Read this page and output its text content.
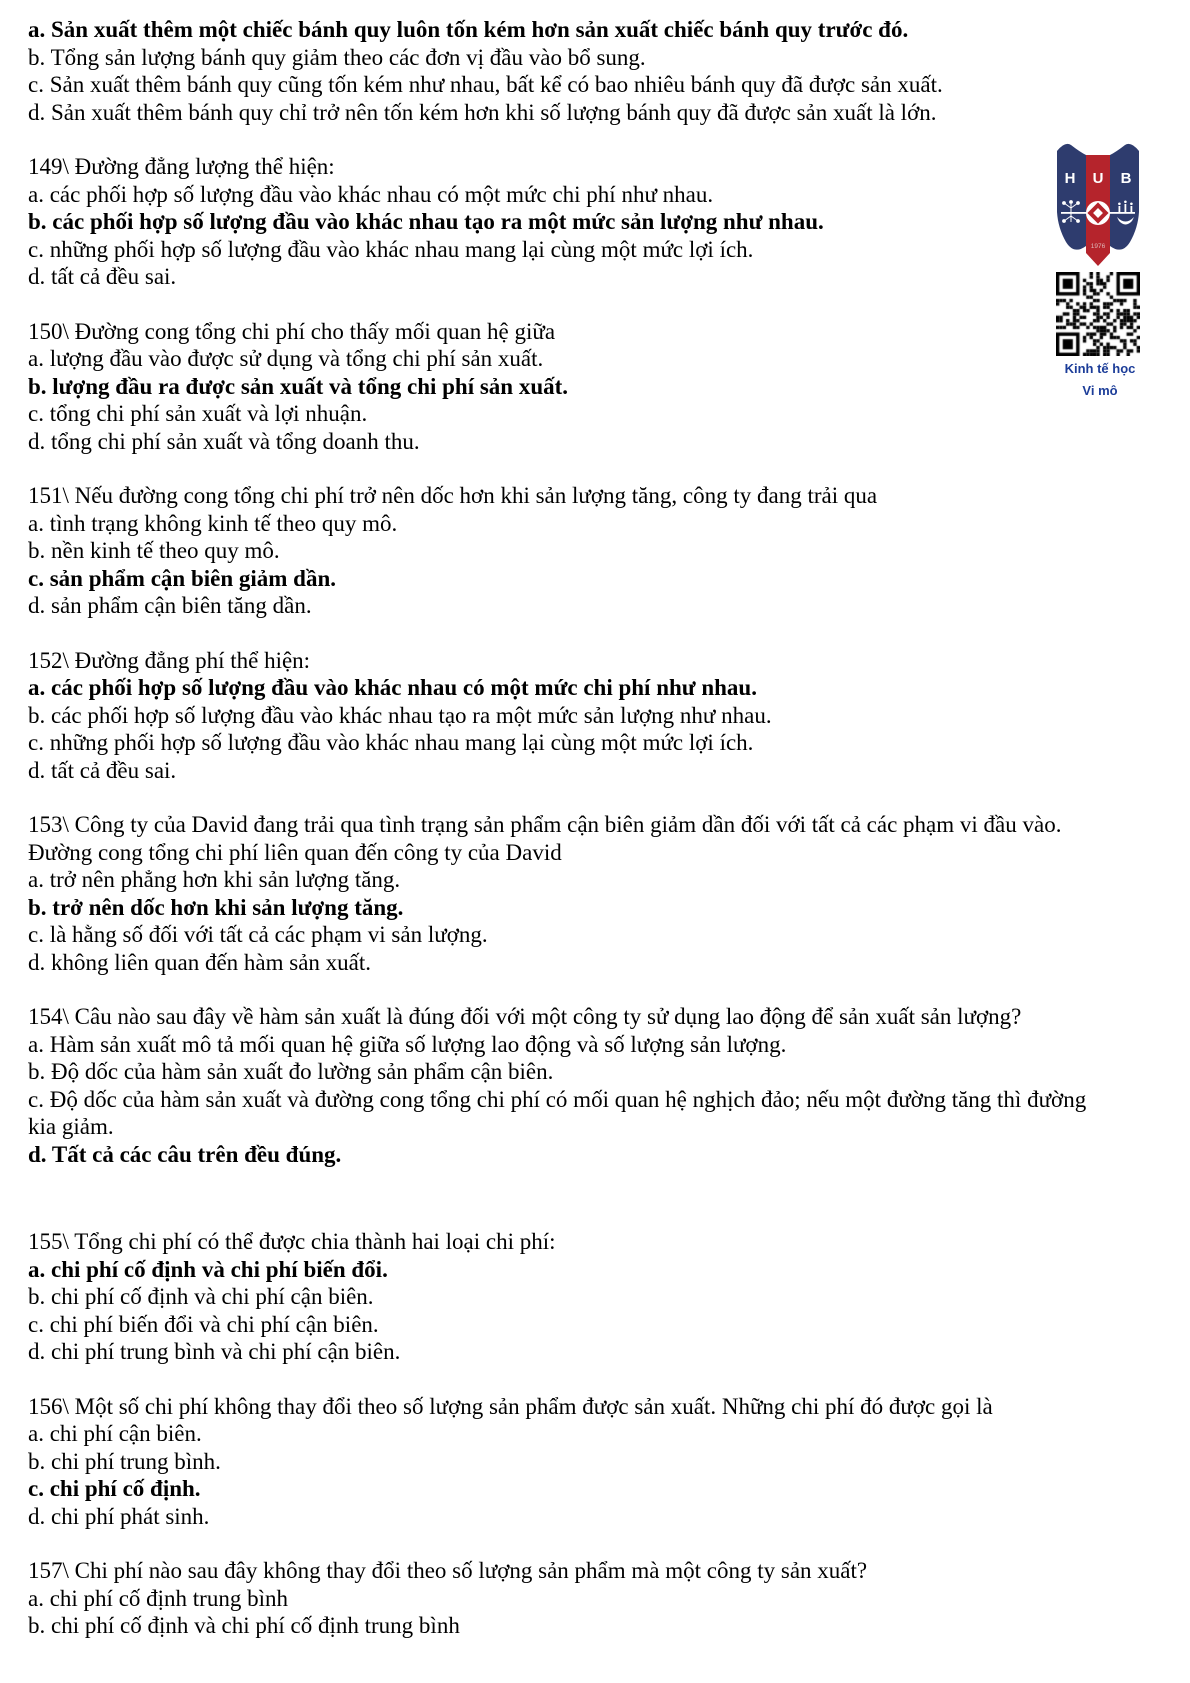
a. Sản xuất thêm một chiếc bánh quy luôn tốn kém hơn sản xuất chiếc bánh quy trước đó.
b. Tổng sản lượng bánh quy giảm theo các đơn vị đầu vào bổ sung.
c. Sản xuất thêm bánh quy cũng tốn kém như nhau, bất kể có bao nhiêu bánh quy đã được sản xuất.
d. Sản xuất thêm bánh quy chỉ trở nên tốn kém hơn khi số lượng bánh quy đã được sản xuất là lớn.
149\ Đường đẳng lượng thể hiện:
a. các phối hợp số lượng đầu vào khác nhau có một mức chi phí như nhau.
b. các phối hợp số lượng đầu vào khác nhau tạo ra một mức sản lượng như nhau.
c. những phối hợp số lượng đầu vào khác nhau mang lại cùng một mức lợi ích.
d. tất cả đều sai.
150\ Đường cong tổng chi phí cho thấy mối quan hệ giữa
a. lượng đầu vào được sử dụng và tổng chi phí sản xuất.
b. lượng đầu ra được sản xuất và tổng chi phí sản xuất.
c. tổng chi phí sản xuất và lợi nhuận.
d. tổng chi phí sản xuất và tổng doanh thu.
151\ Nếu đường cong tổng chi phí trở nên dốc hơn khi sản lượng tăng, công ty đang trải qua
a. tình trạng không kinh tế theo quy mô.
b. nền kinh tế theo quy mô.
c. sản phẩm cận biên giảm dần.
d. sản phẩm cận biên tăng dần.
152\ Đường đẳng phí thể hiện:
a. các phối hợp số lượng đầu vào khác nhau có một mức chi phí như nhau.
b. các phối hợp số lượng đầu vào khác nhau tạo ra một mức sản lượng như nhau.
c. những phối hợp số lượng đầu vào khác nhau mang lại cùng một mức lợi ích.
d. tất cả đều sai.
153\ Công ty của David đang trải qua tình trạng sản phẩm cận biên giảm dần đối với tất cả các phạm vi đầu vào.
Đường cong tổng chi phí liên quan đến công ty của David
a. trở nên phẳng hơn khi sản lượng tăng.
b. trở nên dốc hơn khi sản lượng tăng.
c. là hằng số đối với tất cả các phạm vi sản lượng.
d. không liên quan đến hàm sản xuất.
154\ Câu nào sau đây về hàm sản xuất là đúng đối với một công ty sử dụng lao động để sản xuất sản lượng?
a. Hàm sản xuất mô tả mối quan hệ giữa số lượng lao động và số lượng sản lượng.
b. Độ dốc của hàm sản xuất đo lường sản phẩm cận biên.
c. Độ dốc của hàm sản xuất và đường cong tổng chi phí có mối quan hệ nghịch đảo; nếu một đường tăng thì đường
kia giảm.
d. Tất cả các câu trên đều đúng.
155\ Tổng chi phí có thể được chia thành hai loại chi phí:
a. chi phí cố định và chi phí biến đổi.
b. chi phí cố định và chi phí cận biên.
c. chi phí biến đổi và chi phí cận biên.
d. chi phí trung bình và chi phí cận biên.
156\ Một số chi phí không thay đổi theo số lượng sản phẩm được sản xuất. Những chi phí đó được gọi là
a. chi phí cận biên.
b. chi phí trung bình.
c. chi phí cố định.
d. chi phí phát sinh.
157\ Chi phí nào sau đây không thay đổi theo số lượng sản phẩm mà một công ty sản xuất?
a. chi phí cố định trung bình
b. chi phí cố định và chi phí cố định trung bình
H U B
1976
Kinh tế học
Vi mô
